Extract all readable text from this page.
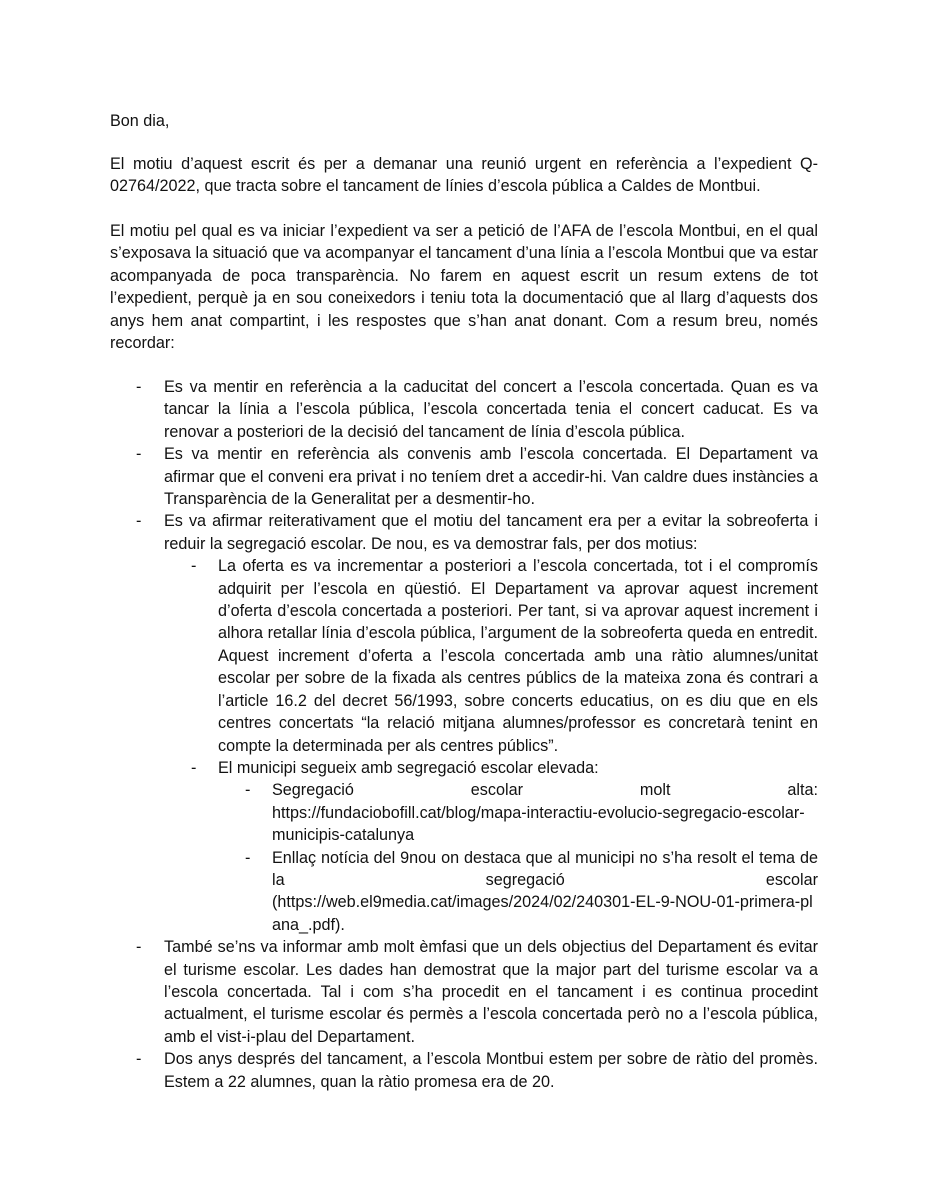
Bon dia,

El motiu d’aquest escrit és per a demanar una reunió urgent en referència a l’expedient Q-02764/2022, que tracta sobre el tancament de línies d’escola pública a Caldes de Montbui.

El motiu pel qual es va iniciar l’expedient va ser a petició de l’AFA de l’escola Montbui, en el qual s’exposava la situació que va acompanyar el tancament d’una línia a l’escola Montbui que va estar acompanyada de poca transparència. No farem en aquest escrit un resum extens de tot l’expedient, perquè ja en sou coneixedors i teniu tota la documentació que al llarg d’aquests dos anys hem anat compartint, i les respostes que s’han anat donant. Com a resum breu, només recordar:

- Es va mentir en referència a la caducitat del concert a l’escola concertada. Quan es va tancar la línia a l’escola pública, l’escola concertada tenia el concert caducat. Es va renovar a posteriori de la decisió del tancament de línia d’escola pública.
- Es va mentir en referència als convenis amb l’escola concertada. El Departament va afirmar que el conveni era privat i no teníem dret a accedir-hi. Van caldre dues instàncies a Transparència de la Generalitat per a desmentir-ho.
- Es va afirmar reiterativament que el motiu del tancament era per a evitar la sobreoferta i reduir la segregació escolar. De nou, es va demostrar fals, per dos motius:
- La oferta es va incrementar a posteriori a l’escola concertada, tot i el compromís adquirit per l’escola en qüestió. El Departament va aprovar aquest increment d’oferta d’escola concertada a posteriori. Per tant, si va aprovar aquest increment i alhora retallar línia d’escola pública, l’argument de la sobreoferta queda en entredit. Aquest increment d’oferta a l’escola concertada amb una ràtio alumnes/unitat escolar per sobre de la fixada als centres públics de la mateixa zona és contrari a l’article 16.2 del decret 56/1993, sobre concerts educatius, on es diu que en els centres concertats “la relació mitjana alumnes/professor es concretarà tenint en compte la determinada per als centres públics”.
- El municipi segueix amb segregació escolar elevada:
- Segregació escolar molt alta:
https://fundaciobofill.cat/blog/mapa-interactiu-evolucio-segregacio-escolar-municipis-catalunya
- Enllaç notícia del 9nou on destaca que al municipi no s’ha resolt el tema de la segregació escolar
(https://web.el9media.cat/images/2024/02/240301-EL-9-NOU-01-primera-plana_.pdf).
- També se’ns va informar amb molt èmfasi que un dels objectius del Departament és evitar el turisme escolar. Les dades han demostrat que la major part del turisme escolar va a l’escola concertada. Tal i com s’ha procedit en el tancament i es continua procedint actualment, el turisme escolar és permès a l’escola concertada però no a l’escola pública, amb el vist-i-plau del Departament.
- Dos anys després del tancament, a l’escola Montbui estem per sobre de ràtio del promès. Estem a 22 alumnes, quan la ràtio promesa era de 20.
